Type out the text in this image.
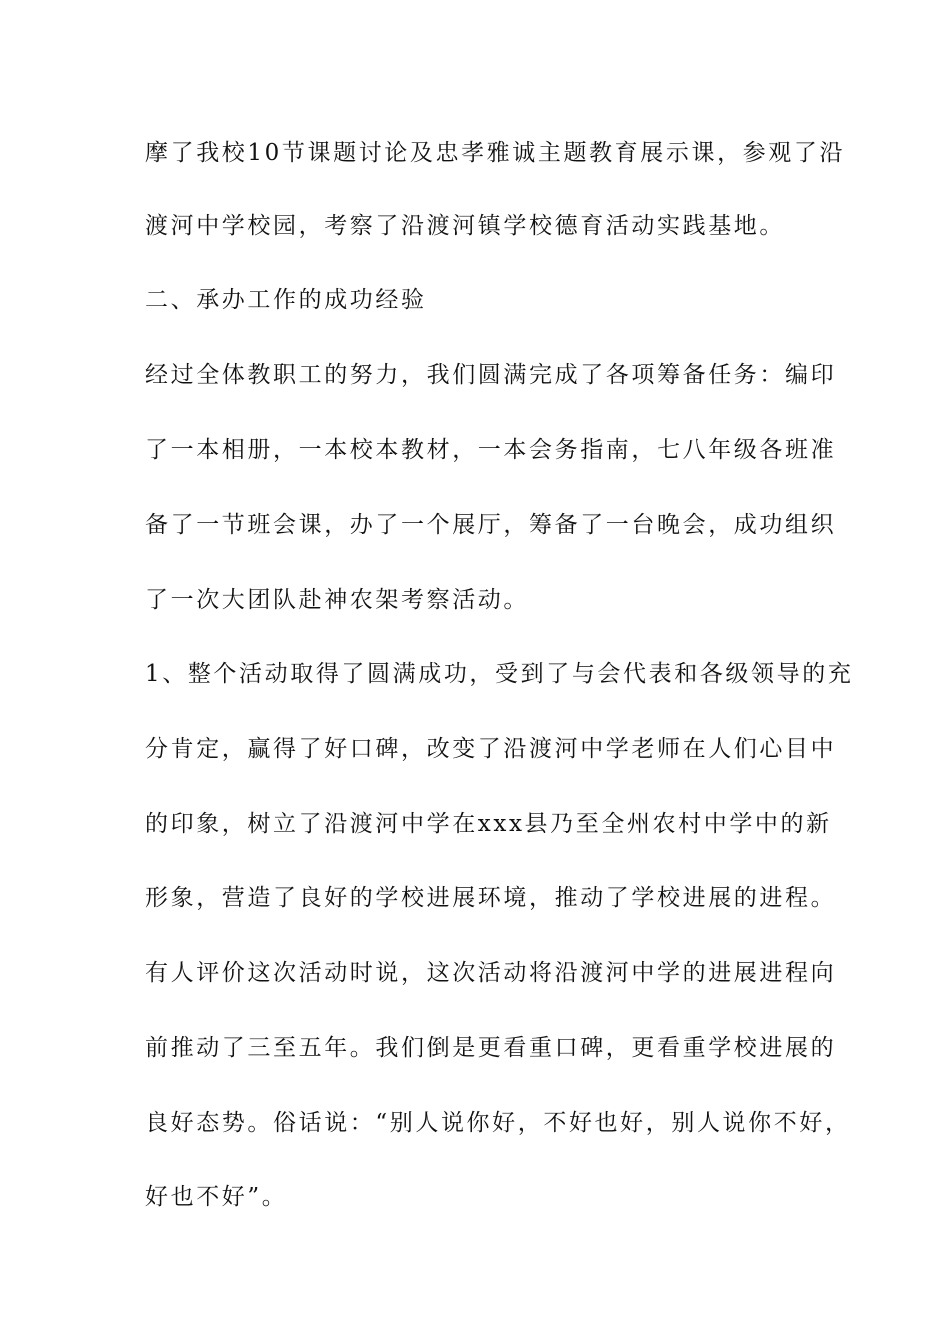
摩了我校10节课题讨论及忠孝雅诚主题教育展示课，参观了沿
渡河中学校园，考察了沿渡河镇学校德育活动实践基地。
二、承办工作的成功经验
经过全体教职工的努力，我们圆满完成了各项筹备任务：编印
了一本相册，一本校本教材，一本会务指南，七八年级各班准
备了一节班会课，办了一个展厅，筹备了一台晚会，成功组织
了一次大团队赴神农架考察活动。
1、整个活动取得了圆满成功，受到了与会代表和各级领导的充
分肯定，赢得了好口碑，改变了沿渡河中学老师在人们心目中
的印象，树立了沿渡河中学在xxx县乃至全州农村中学中的新
形象，营造了良好的学校进展环境，推动了学校进展的进程。
有人评价这次活动时说，这次活动将沿渡河中学的进展进程向
前推动了三至五年。我们倒是更看重口碑，更看重学校进展的
良好态势。俗话说：“别人说你好，不好也好，别人说你不好，
好也不好”。
